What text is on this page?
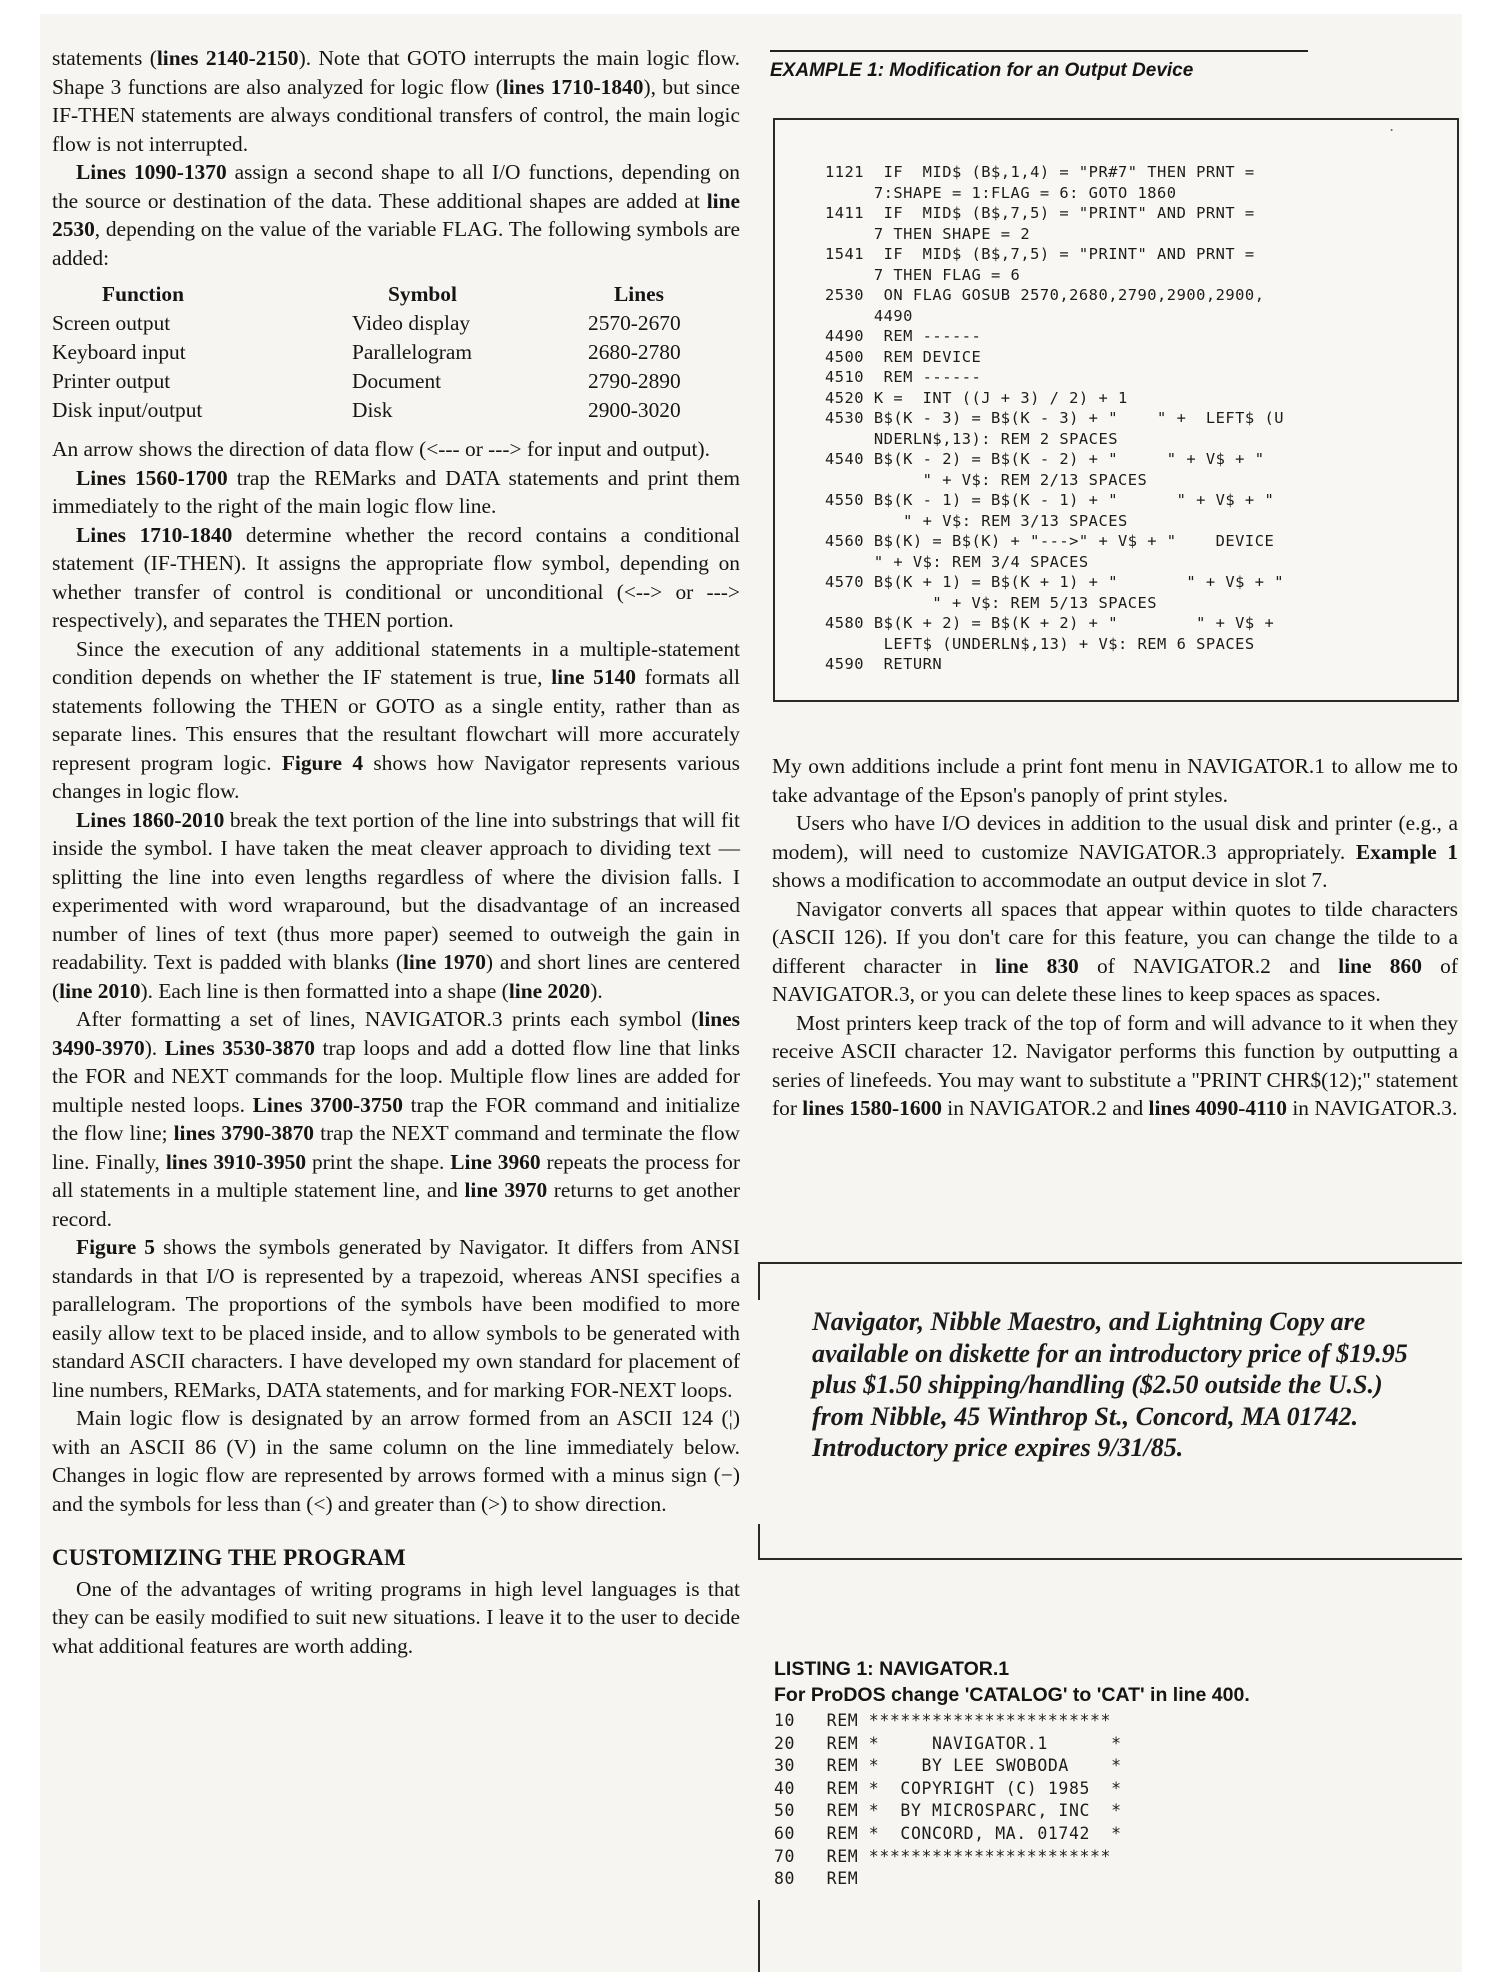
statements (lines 2140-2150). Note that GOTO interrupts the main logic flow. Shape 3 functions are also analyzed for logic flow (lines 1710-1840), but since IF-THEN statements are always conditional transfers of control, the main logic flow is not interrupted.

Lines 1090-1370 assign a second shape to all I/O functions, depending on the source or destination of the data. These additional shapes are added at line 2530, depending on the value of the variable FLAG. The following symbols are added:

Function	Symbol	Lines
Screen output	Video display	2570-2670
Keyboard input	Parallelogram	2680-2780
Printer output	Document	2790-2890
Disk input/output	Disk	2900-3020

An arrow shows the direction of data flow (<--- or ---> for input and output).

Lines 1560-1700 trap the REMarks and DATA statements and print them immediately to the right of the main logic flow line.

Lines 1710-1840 determine whether the record contains a conditional statement (IF-THEN). It assigns the appropriate flow symbol, depending on whether transfer of control is conditional or unconditional (<--> or ---> respectively), and separates the THEN portion.

Since the execution of any additional statements in a multiple-statement condition depends on whether the IF statement is true, line 5140 formats all statements following the THEN or GOTO as a single entity, rather than as separate lines. This ensures that the resultant flowchart will more accurately represent program logic. Figure 4 shows how Navigator represents various changes in logic flow.

Lines 1860-2010 break the text portion of the line into substrings that will fit inside the symbol. I have taken the meat cleaver approach to dividing text — splitting the line into even lengths regardless of where the division falls. I experimented with word wraparound, but the disadvantage of an increased number of lines of text (thus more paper) seemed to outweigh the gain in readability. Text is padded with blanks (line 1970) and short lines are centered (line 2010). Each line is then formatted into a shape (line 2020).

After formatting a set of lines, NAVIGATOR.3 prints each symbol (lines 3490-3970). Lines 3530-3870 trap loops and add a dotted flow line that links the FOR and NEXT commands for the loop. Multiple flow lines are added for multiple nested loops. Lines 3700-3750 trap the FOR command and initialize the flow line; lines 3790-3870 trap the NEXT command and terminate the flow line. Finally, lines 3910-3950 print the shape. Line 3960 repeats the process for all statements in a multiple statement line, and line 3970 returns to get another record.

Figure 5 shows the symbols generated by Navigator. It differs from ANSI standards in that I/O is represented by a trapezoid, whereas ANSI specifies a parallelogram. The proportions of the symbols have been modified to more easily allow text to be placed inside, and to allow symbols to be generated with standard ASCII characters. I have developed my own standard for placement of line numbers, REMarks, DATA statements, and for marking FOR-NEXT loops.

Main logic flow is designated by an arrow formed from an ASCII 124 (¦) with an ASCII 86 (V) in the same column on the line immediately below. Changes in logic flow are represented by arrows formed with a minus sign (−) and the symbols for less than (<) and greater than (>) to show direction.

CUSTOMIZING THE PROGRAM

One of the advantages of writing programs in high level languages is that they can be easily modified to suit new situations. I leave it to the user to decide what additional features are worth adding.

EXAMPLE 1: Modification for an Output Device
•
1121  IF  MID$ (B$,1,4) = "PR#7" THEN PRNT =
7:SHAPE = 1:FLAG = 6: GOTO 1860
1411  IF  MID$ (B$,7,5) = "PRINT" AND PRNT =
7 THEN SHAPE = 2
1541  IF  MID$ (B$,7,5) = "PRINT" AND PRNT =
7 THEN FLAG = 6
2530  ON FLAG GOSUB 2570,2680,2790,2900,2900,
4490
4490  REM ------
4500  REM DEVICE
4510  REM ------
4520 K =  INT ((J + 3) / 2) + 1
4530 B$(K - 3) = B$(K - 3) + "    " +  LEFT$ (U
NDERLN$,13): REM 2 SPACES
4540 B$(K - 2) = B$(K - 2) + "     " + V$ + "
" + V$: REM 2/13 SPACES
4550 B$(K - 1) = B$(K - 1) + "      " + V$ + "
" + V$: REM 3/13 SPACES
4560 B$(K) = B$(K) + "--->" + V$ + "    DEVICE
" + V$: REM 3/4 SPACES
4570 B$(K + 1) = B$(K + 1) + "       " + V$ + "
" + V$: REM 5/13 SPACES
4580 B$(K + 2) = B$(K + 2) + "        " + V$ +
LEFT$ (UNDERLN$,13) + V$: REM 6 SPACES
4590  RETURN

My own additions include a print font menu in NAVIGATOR.1 to allow me to take advantage of the Epson's panoply of print styles.

Users who have I/O devices in addition to the usual disk and printer (e.g., a modem), will need to customize NAVIGATOR.3 appropriately. Example 1 shows a modification to accommodate an output device in slot 7.

Navigator converts all spaces that appear within quotes to tilde characters (ASCII 126). If you don't care for this feature, you can change the tilde to a different character in line 830 of NAVIGATOR.2 and line 860 of NAVIGATOR.3, or you can delete these lines to keep spaces as spaces.

Most printers keep track of the top of form and will advance to it when they receive ASCII character 12. Navigator performs this function by outputting a series of linefeeds. You may want to substitute a ''PRINT CHR$(12);'' statement for lines 1580-1600 in NAVIGATOR.2 and lines 4090-4110 in NAVIGATOR.3.

Navigator, Nibble Maestro, and Lightning Copy are available on diskette for an introductory price of $19.95 plus $1.50 shipping/handling ($2.50 outside the U.S.) from Nibble, 45 Winthrop St., Concord, MA 01742. Introductory price expires 9/31/85.
LISTING 1: NAVIGATOR.1
For ProDOS change 'CATALOG' to 'CAT' in line 400.
10   REM ***********************
20   REM *     NAVIGATOR.1      *
30   REM *    BY LEE SWOBODA    *
40   REM *  COPYRIGHT (C) 1985  *
50   REM *  BY MICROSPARC, INC  *
60   REM *  CONCORD, MA. 01742  *
70   REM ***********************
80   REM
